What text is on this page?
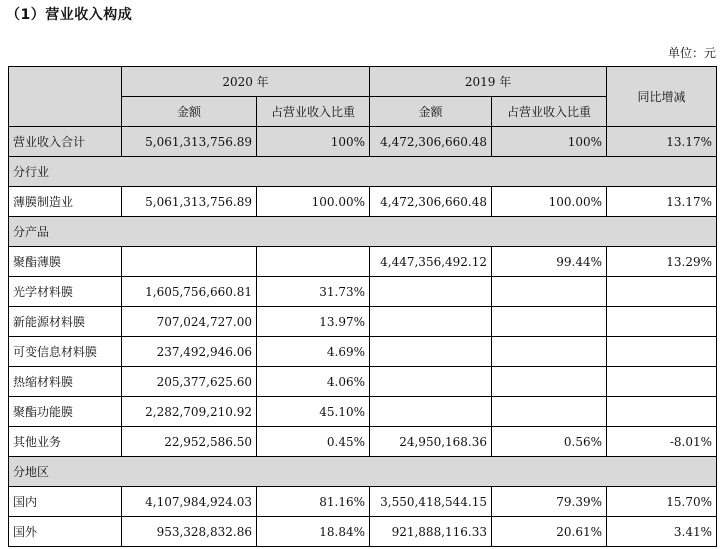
（1）营业收入构成
单位：元
	2020 年		2019 年		同比增减
	金额	占营业收入比重	金额	占营业收入比重	
营业收入合计	5,061,313,756.89	100%	4,472,306,660.48	100%	13.17%
分行业					
薄膜制造业	5,061,313,756.89	100.00%	4,472,306,660.48	100.00%	13.17%
分产品					
聚酯薄膜			4,447,356,492.12	99.44%	13.29%
光学材料膜	1,605,756,660.81	31.73%			
新能源材料膜	707,024,727.00	13.97%			
可变信息材料膜	237,492,946.06	4.69%			
热缩材料膜	205,377,625.60	4.06%			
聚酯功能膜	2,282,709,210.92	45.10%			
其他业务	22,952,586.50	0.45%	24,950,168.36	0.56%	-8.01%
分地区					
国内	4,107,984,924.03	81.16%	3,550,418,544.15	79.39%	15.70%
国外	953,328,832.86	18.84%	921,888,116.33	20.61%	3.41%
